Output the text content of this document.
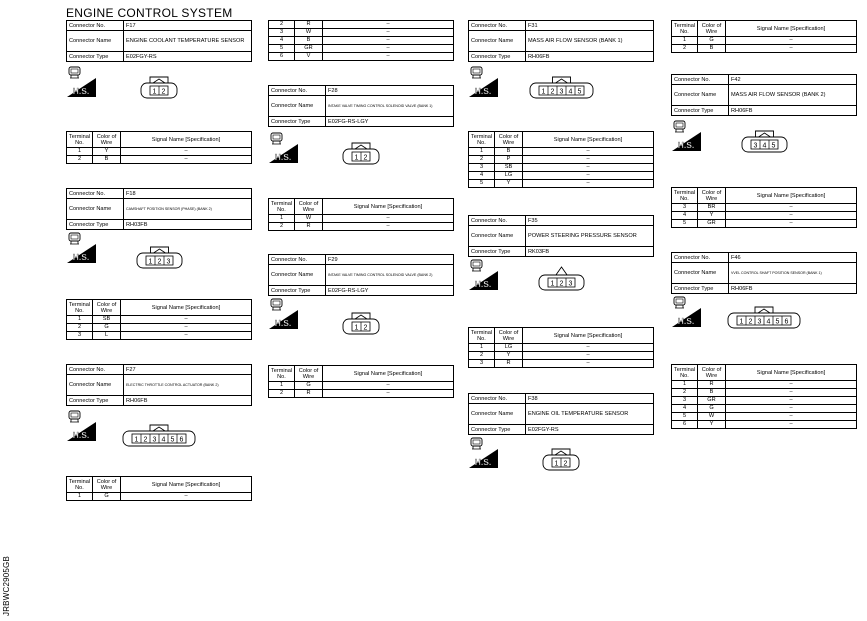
ENGINE CONTROL SYSTEM
JRBWC2905GB
Connector No.	F17
Connector Name	ENGINE COOLANT TEMPERATURE SENSOR
Connector Type	E02FGY-RS
H.S.	1 2
Terminal No.	Color of Wire	Signal Name [Specification]
1	Y	–
2	B	–
Connector No.	F18
Connector Name	CAMSHAFT POSITION SENSOR (PHASE) (BANK 2)
Connector Type	RH03FB
H.S.	1 2 3
Terminal No.	Color of Wire	Signal Name [Specification]
1	SB	–
2	G	–
3	L	–
Connector No.	F27
Connector Name	ELECTRIC THROTTLE CONTROL ACTUATOR (BANK 2)
Connector Type	RH06FB
H.S.	1 2 3 4 5 6
Terminal No.	Color of Wire	Signal Name [Specification]
1	G	–
2	R	–
3	W	–
4	B	–
5	GR	–
6	V	–
Connector No.	F28
Connector Name	INTAKE VALVE TIMING CONTROL SOLENOID VALVE (BANK 1)
Connector Type	E02FG-RS-LGY
H.S.	1 2
Terminal No.	Color of Wire	Signal Name [Specification]
1	W	–
2	R	–
Connector No.	F29
Connector Name	INTAKE VALVE TIMING CONTROL SOLENOID VALVE (BANK 2)
Connector Type	E02FG-RS-LGY
H.S.	1 2
Terminal No.	Color of Wire	Signal Name [Specification]
1	G	–
2	R	–
Connector No.	F31
Connector Name	MASS AIR FLOW SENSOR (BANK 1)
Connector Type	RH06FB
H.S.	1 2 3 4 5
Terminal No.	Color of Wire	Signal Name [Specification]
1	B	–
2	P	–
3	SB	–
4	LG	–
5	Y	–
Connector No.	F35
Connector Name	POWER STEERING PRESSURE SENSOR
Connector Type	RK03FB
H.S.	1 2 3
Terminal No.	Color of Wire	Signal Name [Specification]
1	LG	–
2	Y	–
3	R	–
Connector No.	F38
Connector Name	ENGINE OIL TEMPERATURE SENSOR
Connector Type	E02FGY-RS
H.S.	1 2
Terminal No.	Color of Wire	Signal Name [Specification]
1	G	–
2	B	–
Connector No.	F42
Connector Name	MASS AIR FLOW SENSOR (BANK 2)
Connector Type	RH06FB
H.S.	3 4 5
Terminal No.	Color of Wire	Signal Name [Specification]
3	BR	–
4	Y	–
5	GR	–
Connector No.	F46
Connector Name	VVEL CONTROL SHAFT POSITION SENSOR (BANK 1)
Connector Type	RH06FB
H.S.	1 2 3 4 5 6
Terminal No.	Color of Wire	Signal Name [Specification]
1	R	–
2	B	–
3	GR	–
4	G	–
5	W	–
6	Y	–
